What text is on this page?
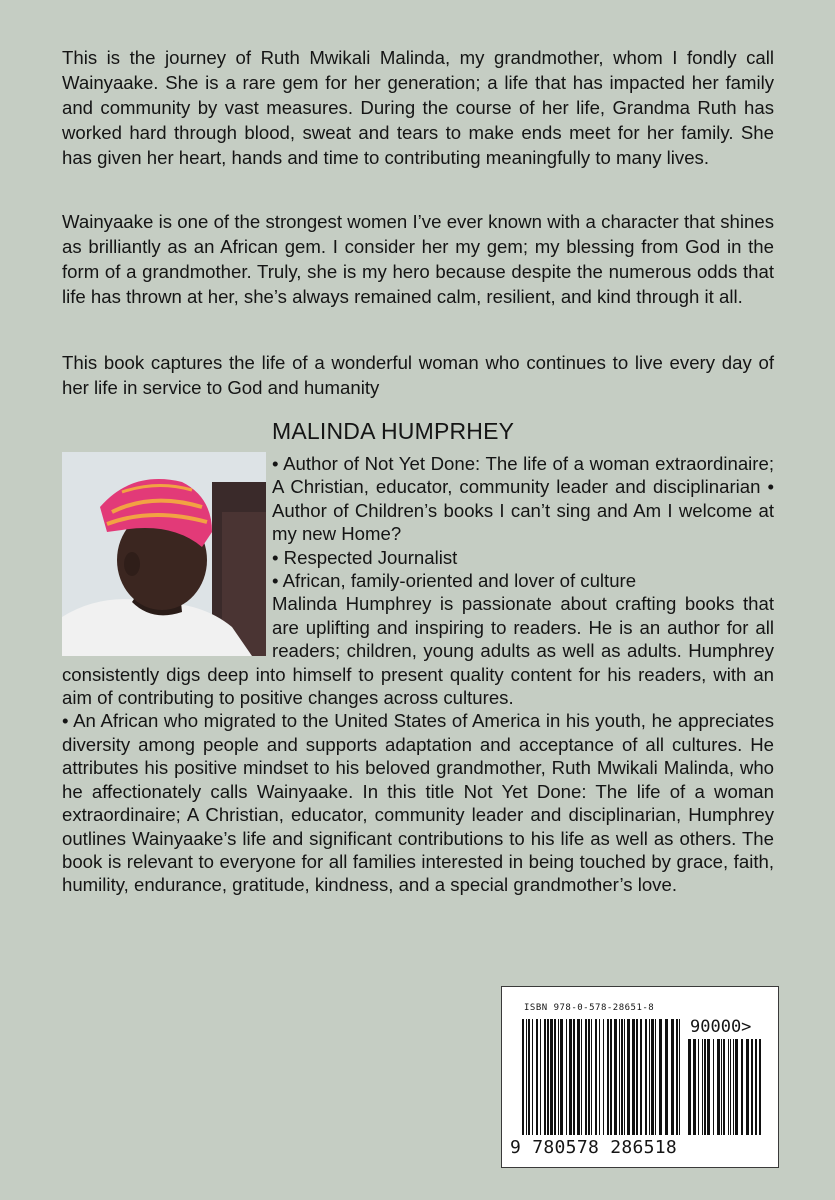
This is the journey of Ruth Mwikali Malinda, my grandmother, whom I fondly call Wainyaake. She is a rare gem for her generation; a life that has impacted her family and community by vast measures. During the course of her life, Grandma Ruth has worked hard through blood, sweat and tears to make ends meet for her family. She has given her heart, hands and time to contributing meaningfully to many lives.

Wainyaake is one of the strongest women I’ve ever known with a character that shines as brilliantly as an African gem. I consider her my gem; my blessing from God in the form of a grandmother. Truly, she is my hero because despite the numerous odds that life has thrown at her, she’s always remained calm, resilient, and kind through it all.

This book captures the life of a wonderful woman who continues to live every day of her life in service to God and humanity

MALINDA HUMPRHEY

• Author of Not Yet Done: The life of a woman extraordinaire; A Christian, educator, community leader and disciplinarian • Author of Children’s books I can’t sing and Am I welcome at my new Home?

• Respected Journalist

• African, family-oriented and lover of culture

Malinda Humphrey is passionate about crafting books that are uplifting and inspiring to readers. He is an author for all readers; children, young adults as well as adults. Humphrey consistently digs deep into himself to present quality content for his readers, with an aim of contributing to positive changes across cultures.

• An African who migrated to the United States of America in his youth, he appreciates diversity among people and supports adaptation and acceptance of all cultures. He attributes his positive mindset to his beloved grandmother, Ruth Mwikali Malinda, who he affectionately calls Wainyaake. In this title Not Yet Done: The life of a woman extraordinaire; A Christian, educator, community leader and disciplinarian, Humphrey outlines Wainyaake’s life and significant contributions to his life as well as others. The book is relevant to everyone for all families interested in being touched by grace, faith, humility, endurance, gratitude, kindness, and a special grandmother’s love.

ISBN 978-0-578-28651-8
90000>
9 780578 286518
